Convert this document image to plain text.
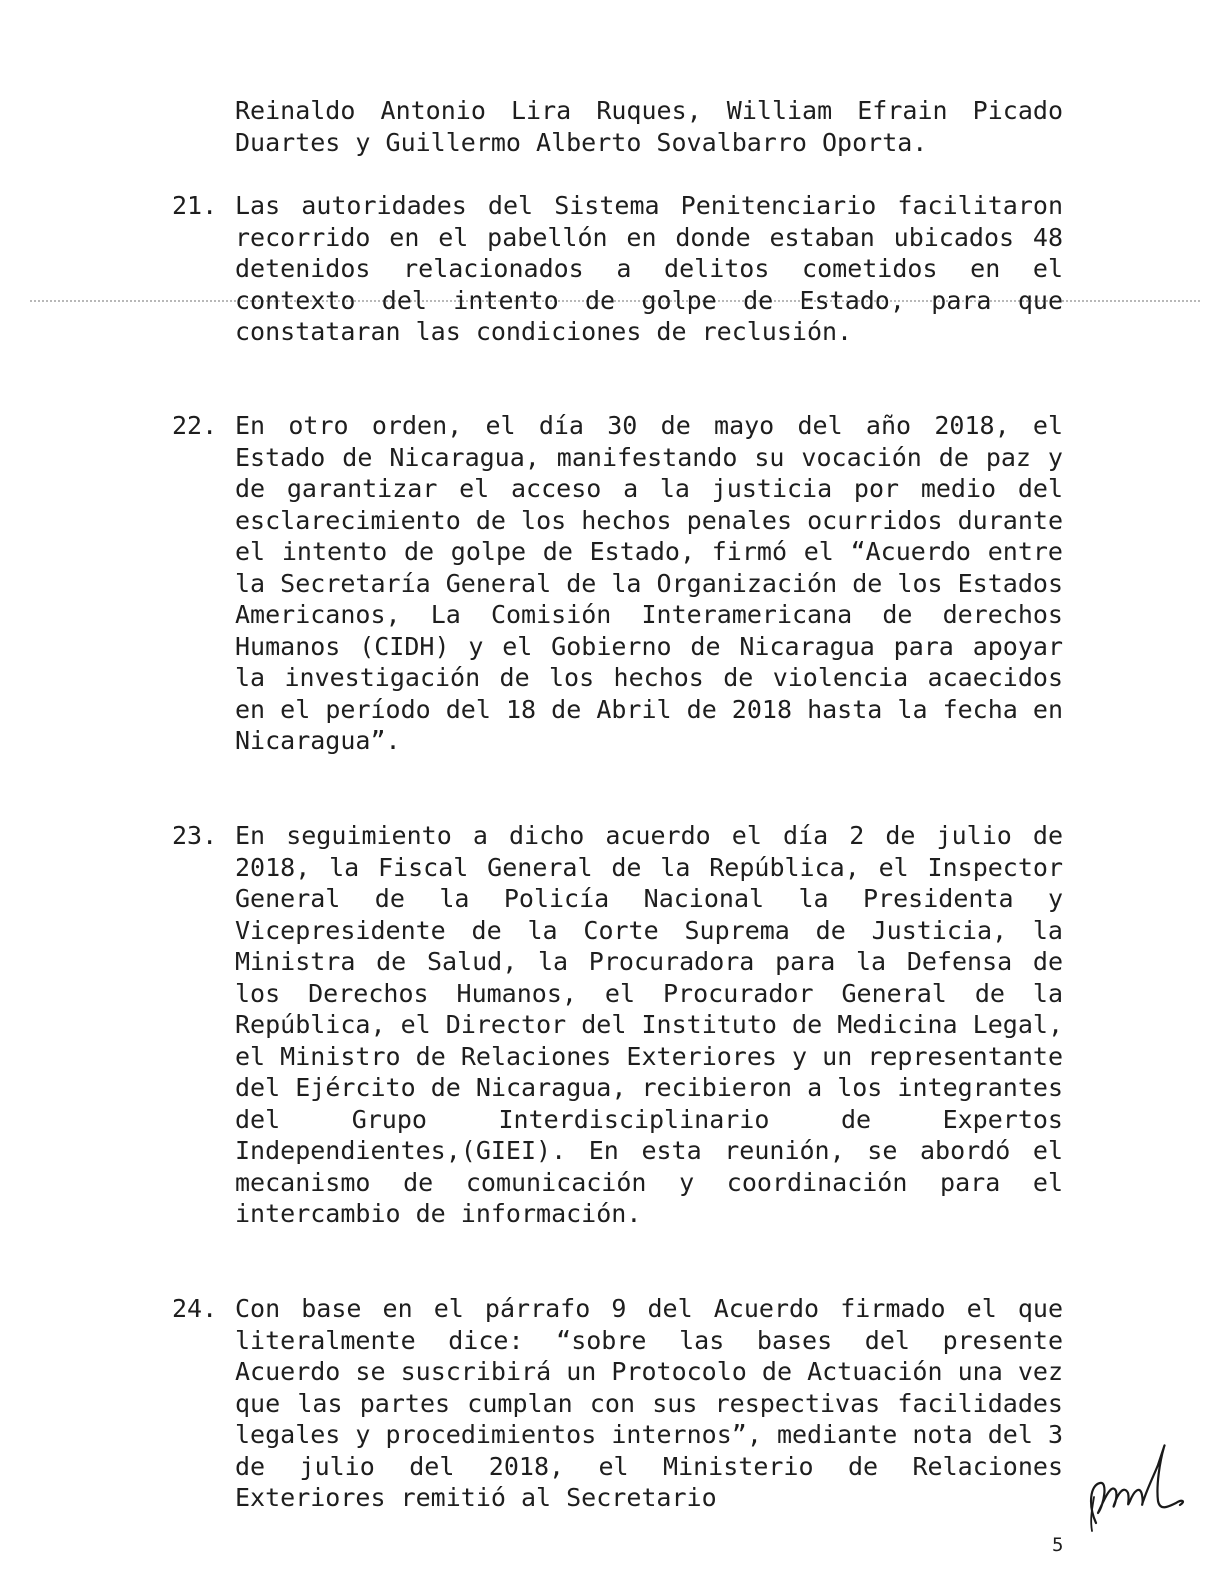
Reinaldo Antonio Lira Ruques, William Efrain Picado Duartes y Guillermo Alberto Sovalbarro Oporta.
21. Las autoridades del Sistema Penitenciario facilitaron recorrido en el pabellón en donde estaban ubicados 48 detenidos relacionados a delitos cometidos en el contexto del intento de golpe de Estado, para que constataran las condiciones de reclusión.
22. En otro orden, el día 30 de mayo del año 2018, el Estado de Nicaragua, manifestando su vocación de paz y de garantizar el acceso a la justicia por medio del esclarecimiento de los hechos penales ocurridos durante el intento de golpe de Estado, firmó el “Acuerdo entre la Secretaría General de la Organización de los Estados Americanos, La Comisión Interamericana de derechos Humanos (CIDH) y el Gobierno de Nicaragua para apoyar la investigación de los hechos de violencia acaecidos en el período del 18 de Abril de 2018 hasta la fecha en Nicaragua”.
23. En seguimiento a dicho acuerdo el día 2 de julio de 2018, la Fiscal General de la República, el Inspector General de la Policía Nacional la Presidenta y Vicepresidente de la Corte Suprema de Justicia, la Ministra de Salud, la Procuradora para la Defensa de los Derechos Humanos, el Procurador General de la República, el Director del Instituto de Medicina Legal, el Ministro de Relaciones Exteriores y un representante del Ejército de Nicaragua, recibieron a los integrantes del Grupo Interdisciplinario de Expertos Independientes,(GIEI). En esta reunión, se abordó el mecanismo de comunicación y coordinación para el intercambio de información.
24. Con base en el párrafo 9 del Acuerdo firmado el que literalmente dice: “sobre las bases del presente Acuerdo se suscribirá un Protocolo de Actuación una vez que las partes cumplan con sus respectivas facilidades legales y procedimientos internos”, mediante nota del 3 de julio del 2018, el Ministerio de Relaciones Exteriores remitió al Secretario
5
